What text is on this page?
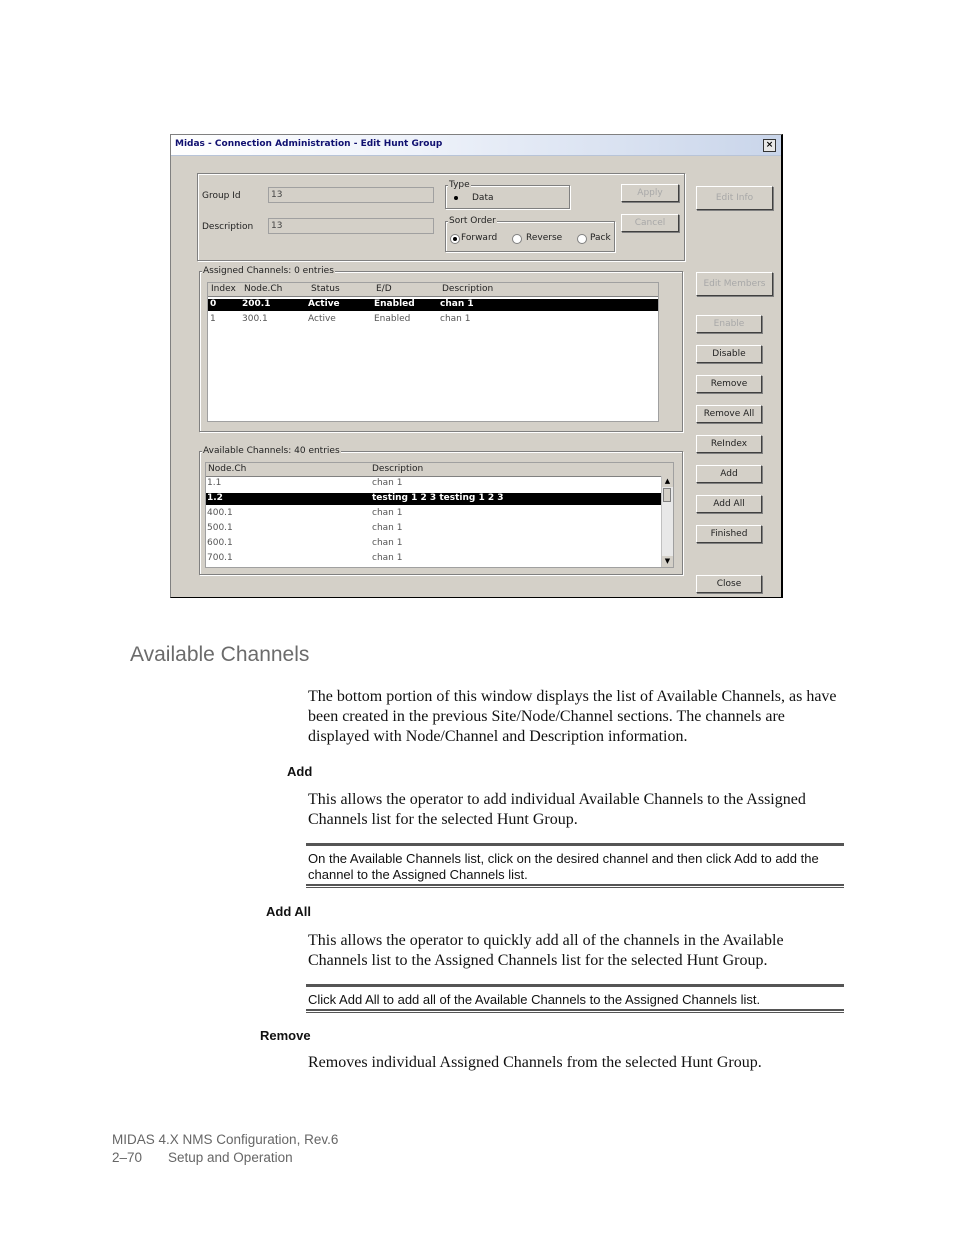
Midas - Connection Administration - Edit Hunt Group	×
Group Id	13
Description	13
Type
Data
Sort Order
Forward	Reverse	Pack
Apply
Cancel
Edit Info
Assigned Channels: 0 entries
Index Node.Ch	Status	E/D	Description
0	200.1	Active	Enabled	chan 1
1	300.1	Active	Enabled	chan 1
Edit Members
Enable
Disable
Remove
Remove All
ReIndex
Add
Add All
Finished
Close
Available Channels: 40 entries
Node.Ch	Description
1.1	chan 1
1.2	testing 1 2 3 testing 1 2 3
400.1	chan 1
500.1	chan 1
600.1	chan 1
700.1	chan 1
▲
▼
Available Channels

The bottom portion of this window displays the list of Available Channels, as have been created in the previous Site/Node/Channel sections. The channels are displayed with Node/Channel and Description information.

Add

This allows the operator to add individual Available Channels to the Assigned Channels list for the selected Hunt Group.

On the Available Channels list, click on the desired channel and then click Add to add the channel to the Assigned Channels list.
Add All

This allows the operator to quickly add all of the channels in the Available Channels list to the Assigned Channels list for the selected Hunt Group.

Click Add All to add all of the Available Channels to the Assigned Channels list.
Remove

Removes individual Assigned Channels from the selected Hunt Group.

MIDAS 4.X NMS Configuration, Rev.6
2–70 Setup and Operation
